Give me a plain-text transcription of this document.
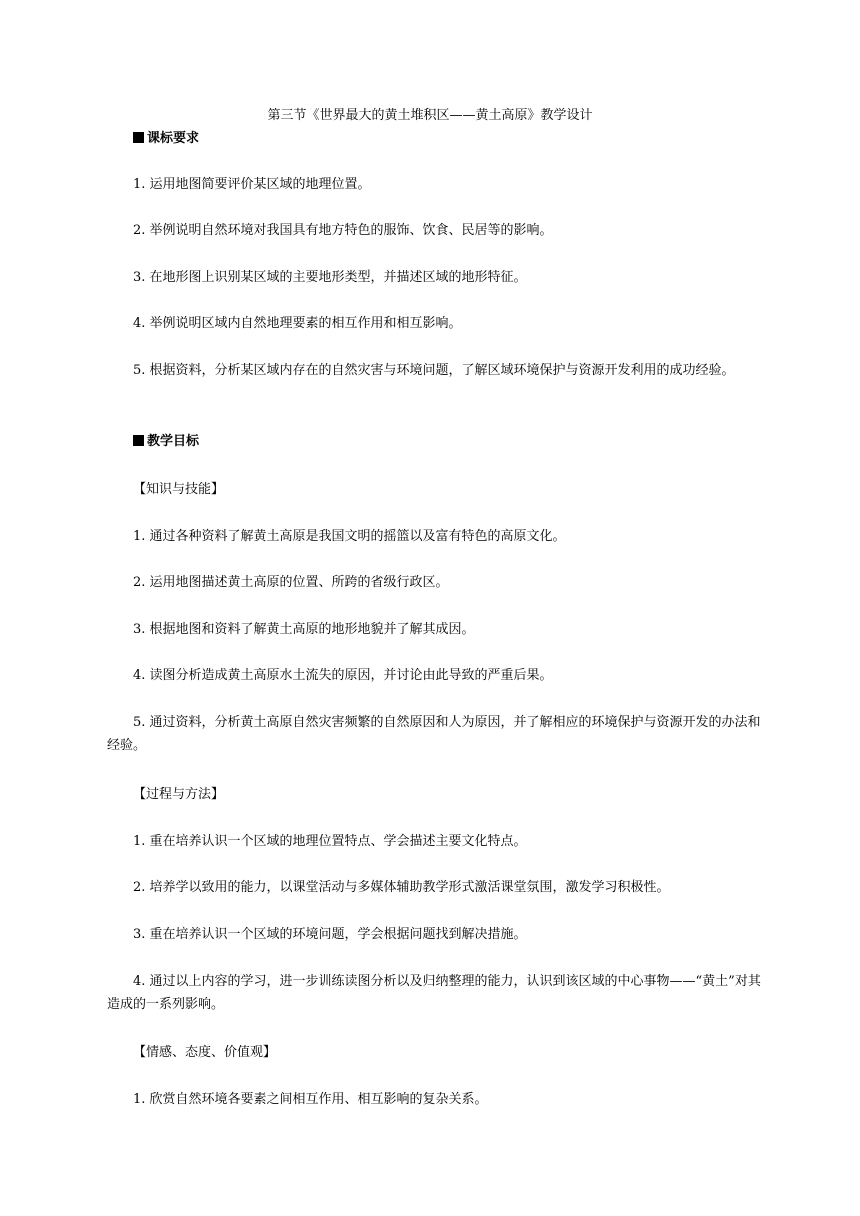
第三节《世界最大的黄土堆积区——黄土高原》教学设计
课标要求
1. 运用地图简要评价某区域的地理位置。
2. 举例说明自然环境对我国具有地方特色的服饰、饮食、民居等的影响。
3. 在地形图上识别某区域的主要地形类型，并描述区域的地形特征。
4. 举例说明区域内自然地理要素的相互作用和相互影响。
5. 根据资料，分析某区域内存在的自然灾害与环境问题，了解区域环境保护与资源开发利用的成功经验。
教学目标
【知识与技能】
1. 通过各种资料了解黄土高原是我国文明的摇篮以及富有特色的高原文化。
2. 运用地图描述黄土高原的位置、所跨的省级行政区。
3. 根据地图和资料了解黄土高原的地形地貌并了解其成因。
4. 读图分析造成黄土高原水土流失的原因，并讨论由此导致的严重后果。
5. 通过资料，分析黄土高原自然灾害频繁的自然原因和人为原因，并了解相应的环境保护与资源开发的办法和经验。
【过程与方法】
1. 重在培养认识一个区域的地理位置特点、学会描述主要文化特点。
2. 培养学以致用的能力，以课堂活动与多媒体辅助教学形式激活课堂氛围，激发学习积极性。
3. 重在培养认识一个区域的环境问题，学会根据问题找到解决措施。
4. 通过以上内容的学习，进一步训练读图分析以及归纳整理的能力，认识到该区域的中心事物——“黄土”对其造成的一系列影响。
【情感、态度、价值观】
1. 欣赏自然环境各要素之间相互作用、相互影响的复杂关系。
